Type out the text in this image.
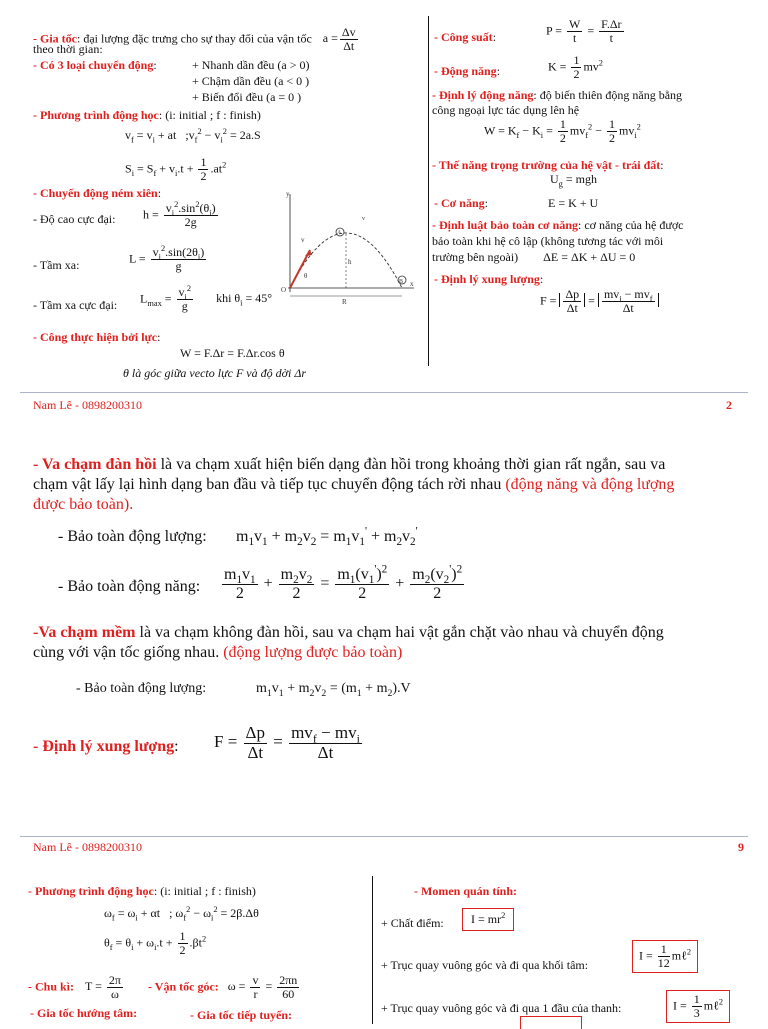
- Gia tốc: đại lượng đặc trưng cho sự thay đổi của vận tốc $a = \frac{\Delta v}{\Delta t}$
theo thời gian:
- Có 3 loại chuyển động:	+ Nhanh dần đều (a > 0)
+ Chậm dần đều (a < 0 )
+ Biến đổi đều (a = 0 )
- Phương trình động học: (i: initial ; f : finish)
$v_f = v_i$ + at   $;v_f^2 - v_i^2 = 2a.S$
$S_i = S_f + v_i.t + \frac{1}{2} .at^2$
- Chuyển động ném xiên:
- Độ cao cực đại: $h = \frac{v_i^2.\sin^2(\theta_i)}{2g}$
- Tầm xa:	$L = \frac{v_i^2.\sin(2\theta_i)}{g}$
- Tầm xa cực đại: $L_{max} = \frac{v_i^2}{g}$ khi $\theta_i = 45^\circ$
- Công thực hiện bởi lực:
W = F.Δr = F.Δr.cos θ
θ là góc giữa vecto lực F và độ dời Δr
v
v
A
B
h
R
O
x
y
θ
- Công suất:	$P = \frac{W}{t} = \frac{F.\Delta r}{t}$
- Động năng:	$K = \frac{1}{2} mv^2$
- Định lý động năng: độ biến thiên động năng bằng
công ngoại lực tác dụng lên hệ
$W = K_f - K_i = \frac{1}{2} mv_f^2 - \frac{1}{2} mv_i^2$
- Thế năng trọng trường của hệ vật - trái đất:
$U_g$ = mgh
- Cơ năng:	E = K + U
- Định luật bảo toàn cơ năng: cơ năng của hệ được
bảo toàn khi hệ cô lập (không tương tác với môi
trường bên ngoài) ΔE = ΔK + ΔU = 0
- Định lý xung lượng:
$F = \frac{\Delta p}{\Delta t} = \frac{mv_i - mv_f}{\Delta t}$
Nam Lê - 0898200310	2
- Va chạm đàn hồi là va chạm xuất hiện biến dạng đàn hồi trong khoảng thời gian rất ngắn, sau va
chạm vật lấy lại hình dạng ban đầu và tiếp tục chuyển động tách rời nhau (động năng và động lượng
được bảo toàn).
- Bảo toàn động lượng: $m_1v_1 + m_2v_2 = m_1v_1' + m_2v_2'$
- Bảo toàn động năng: $\frac{m_1v_1}{2} + \frac{m_2v_2}{2} = \frac{m_1(v_1')^2}{2} + \frac{m_2(v_2')^2}{2}$
-Va chạm mềm là va chạm không đàn hồi, sau va chạm hai vật gắn chặt vào nhau và chuyển động
cùng với vận tốc giống nhau. (động lượng được bảo toàn)
- Bảo toàn động lượng:	$m_1v_1 + m_2v_2 = (m_1 + m_2).V$
- Định lý xung lượng: $F = \frac{\Delta p}{\Delta t} = \frac{mv_f - mv_i}{\Delta t}$
Nam Lê - 0898200310	9
- Phương trình động học: (i: initial ; f : finish)
$\omega_f = \omega_i + \alpha t$   ; $\omega_f^2 - \omega_i^2 = 2\beta.\Delta\theta$
$\theta_f = \theta_i + \omega_i.t + \frac{1}{2} .\beta t^2$
- Chu kì: $T = \frac{2\pi}{\omega}$ - Vận tốc góc: $\omega = \frac{v}{r} = \frac{2\pi n}{60}$
- Gia tốc hướng tâm:	- Gia tốc tiếp tuyến:
- Momen quán tính:
+ Chất điểm:	$I = mr^2$
+ Trục quay vuông góc và đi qua khối tâm:
$I = \frac{1}{12}$ mℓ$^2$
+ Trục quay vuông góc và đi qua 1 đầu của thanh:	$I = \frac{1}{3}$ mℓ$^2$
